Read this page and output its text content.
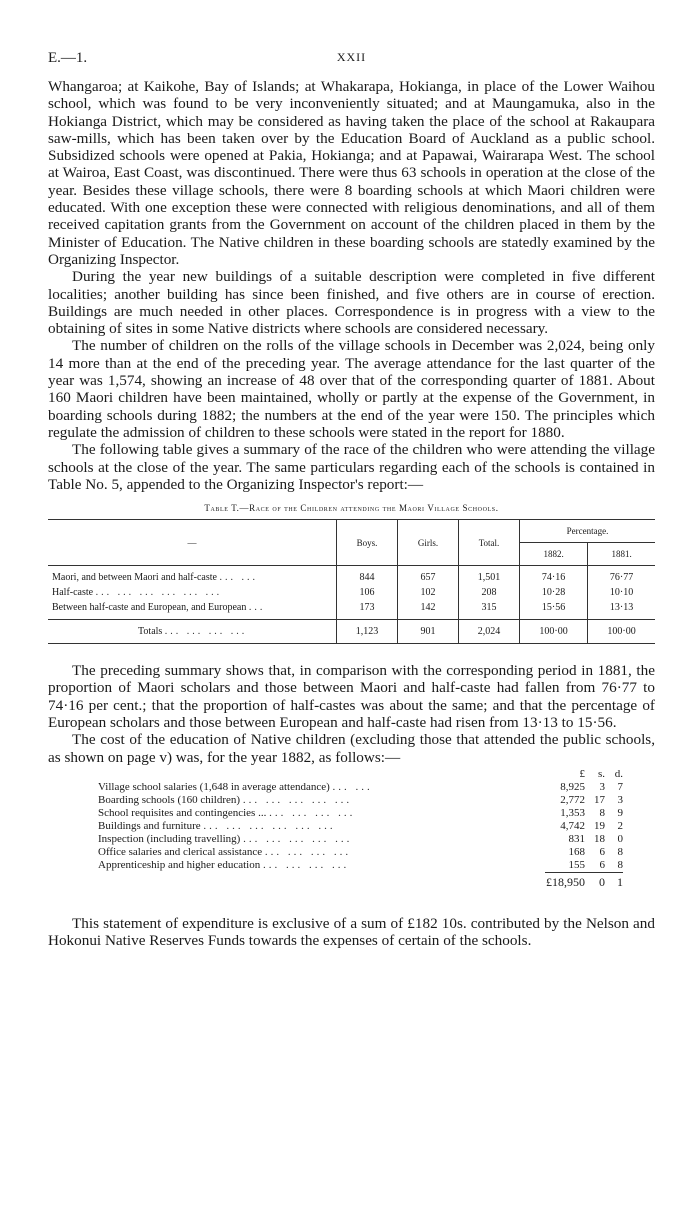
E.—1.	XXII

Whangaroa; at Kaikohe, Bay of Islands; at Whakarapa, Hokianga, in place of the Lower Waihou school, which was found to be very inconveniently situated; and at Maungamuka, also in the Hokianga District, which may be considered as having taken the place of the school at Rakaupara saw-mills, which has been taken over by the Education Board of Auckland as a public school. Subsidized schools were opened at Pakia, Hokianga; and at Papawai, Wairarapa West. The school at Wairoa, East Coast, was discontinued. There were thus 63 schools in operation at the close of the year. Besides these village schools, there were 8 boarding schools at which Maori children were educated. With one exception these were connected with religious denominations, and all of them received capitation grants from the Government on account of the children placed in them by the Minister of Education. The Native children in these boarding schools are statedly examined by the Organizing Inspector.

During the year new buildings of a suitable description were completed in five different localities; another building has since been finished, and five others are in course of erection. Buildings are much needed in other places. Correspondence is in progress with a view to the obtaining of sites in some Native districts where schools are considered necessary.

The number of children on the rolls of the village schools in December was 2,024, being only 14 more than at the end of the preceding year. The average attendance for the last quarter of the year was 1,574, showing an increase of 48 over that of the corresponding quarter of 1881. About 160 Maori children have been maintained, wholly or partly at the expense of the Government, in boarding schools during 1882; the numbers at the end of the year were 150. The principles which regulate the admission of children to these schools were stated in the report for 1880.

The following table gives a summary of the race of the children who were attending the village schools at the close of the year. The same particulars regarding each of the schools is contained in Table No. 5, appended to the Organizing Inspector's report:—

Table T.—Race of the Children attending the Maori Village Schools.
—	Boys.	Girls.	Total.	Percentage.	
				1882.	1881.
Maori, and between Maori and half-caste ... ...	844	657	1,501	74·16	76·77
Half-caste ... ... ... ... ... ...	106	102	208	10·28	10·10
Between half-caste and European, and European ...	173	142	315	15·56	13·13
Totals ... ... ... ...	1,123	901	2,024	100·00	100·00

The preceding summary shows that, in comparison with the corresponding period in 1881, the proportion of Maori scholars and those between Maori and half-caste had fallen from 76·77 to 74·16 per cent.; that the proportion of half-castes was about the same; and that the percentage of European scholars and those between European and half-caste had risen from 13·13 to 15·56.

The cost of the education of Native children (excluding those that attended the public schools, as shown on page v) was, for the year 1882, as follows:—

	£	s.	d.
Village school salaries (1,648 in average attendance) ... ...	8,925	3	7
Boarding schools (160 children) ... ... ... ... ...	2,772	17	3
School requisites and contingencies ... ... ... ... ...	1,353	8	9
Buildings and furniture ... ... ... ... ... ...	4,742	19	2
Inspection (including travelling) ... ... ... ... ...	831	18	0
Office salaries and clerical assistance ... ... ... ...	168	6	8
Apprenticeship and higher education ... ... ... ...	155	6	8
	£18,950	0	1

This statement of expenditure is exclusive of a sum of £182 10s. contributed by the Nelson and Hokonui Native Reserves Funds towards the expenses of certain of the schools.
